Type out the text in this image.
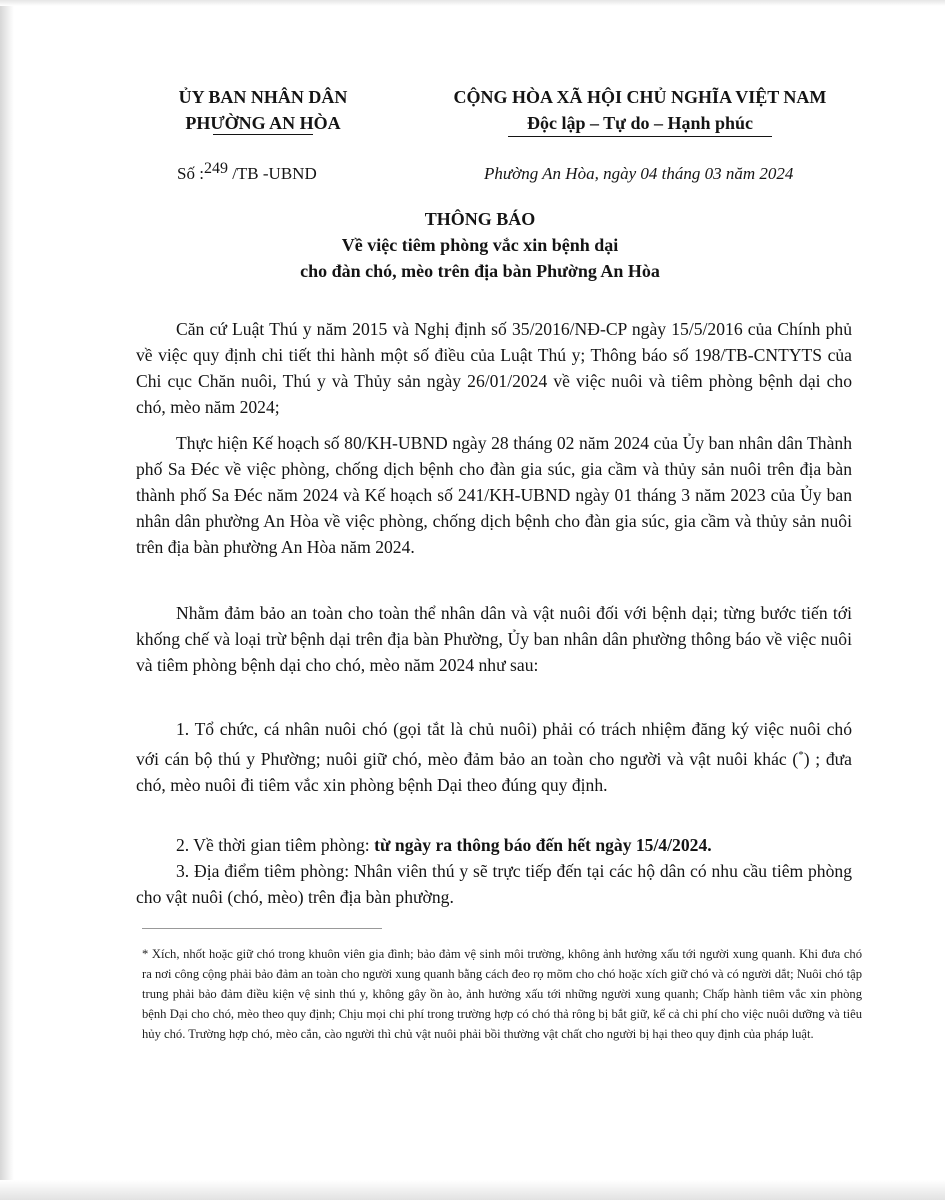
ỦY BAN NHÂN DÂN
PHƯỜNG AN HÒA
CỘNG HÒA XÃ HỘI CHỦ NGHĨA VIỆT NAM
Độc lập – Tự do – Hạnh phúc
Số :249 /TB -UBND	Phường An Hòa, ngày 04 tháng 03 năm 2024
THÔNG BÁO
Về việc tiêm phòng vắc xin bệnh dại
cho đàn chó, mèo trên địa bàn Phường An Hòa

Căn cứ Luật Thú y năm 2015 và Nghị định số 35/2016/NĐ-CP ngày 15/5/2016 của Chính phủ về việc quy định chi tiết thi hành một số điều của Luật Thú y; Thông báo số 198/TB-CNTYTS của Chi cục Chăn nuôi, Thú y và Thủy sản ngày 26/01/2024 về việc nuôi và tiêm phòng bệnh dại cho chó, mèo năm 2024;

Thực hiện Kế hoạch số 80/KH-UBND ngày 28 tháng 02 năm 2024 của Ủy ban nhân dân Thành phố Sa Đéc về việc phòng, chống dịch bệnh cho đàn gia súc, gia cầm và thủy sản nuôi trên địa bàn thành phố Sa Đéc năm 2024 và Kế hoạch số 241/KH-UBND ngày 01 tháng 3 năm 2023 của Ủy ban nhân dân phường An Hòa về việc phòng, chống dịch bệnh cho đàn gia súc, gia cầm và thủy sản nuôi trên địa bàn phường An Hòa năm 2024.

Nhằm đảm bảo an toàn cho toàn thể nhân dân và vật nuôi đối với bệnh dại; từng bước tiến tới khống chế và loại trừ bệnh dại trên địa bàn Phường, Ủy ban nhân dân phường thông báo về việc nuôi và tiêm phòng bệnh dại cho chó, mèo năm 2024 như sau:

1. Tổ chức, cá nhân nuôi chó (gọi tắt là chủ nuôi) phải có trách nhiệm đăng ký việc nuôi chó với cán bộ thú y Phường; nuôi giữ chó, mèo đảm bảo an toàn cho người và vật nuôi khác (*) ; đưa chó, mèo nuôi đi tiêm vắc xin phòng bệnh Dại theo đúng quy định.

2. Về thời gian tiêm phòng: từ ngày ra thông báo đến hết ngày 15/4/2024.

3. Địa điểm tiêm phòng: Nhân viên thú y sẽ trực tiếp đến tại các hộ dân có nhu cầu tiêm phòng cho vật nuôi (chó, mèo) trên địa bàn phường.

* Xích, nhốt hoặc giữ chó trong khuôn viên gia đình; bảo đảm vệ sinh môi trường, không ảnh hưởng xấu tới người xung quanh. Khi đưa chó ra nơi công cộng phải bảo đảm an toàn cho người xung quanh bằng cách đeo rọ mõm cho chó hoặc xích giữ chó và có người dắt; Nuôi chó tập trung phải bảo đảm điều kiện vệ sinh thú y, không gây ồn ào, ảnh hưởng xấu tới những người xung quanh; Chấp hành tiêm vắc xin phòng bệnh Dại cho chó, mèo theo quy định; Chịu mọi chi phí trong trường hợp có chó thả rông bị bắt giữ, kể cả chi phí cho việc nuôi dưỡng và tiêu hủy chó. Trường hợp chó, mèo cắn, cào người thì chủ vật nuôi phải bồi thường vật chất cho người bị hại theo quy định của pháp luật.
